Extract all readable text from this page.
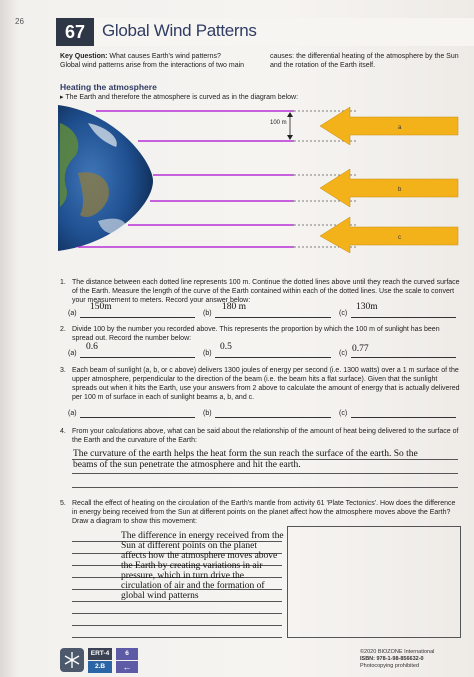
26
67 Global Wind Patterns
Key Question: What causes Earth's wind patterns?
Global wind patterns arise from the interactions of two main
causes: the differential heating of the atmosphere by the Sun
and the rotation of the Earth itself.
Heating the atmosphere
▸ The Earth and therefore the atmosphere is curved as in the diagram below:
100 m
a
b
c
1. The distance between each dotted line represents 100 m. Continue the dotted lines above until they reach the curved surface of the Earth. Measure the length of the curve of the Earth contained within each of the dotted lines. Use the scale to convert your measurement to meters. Record your answer below:
(a)
150m
(b)
180 m
(c)
130m
2. Divide 100 by the number you recorded above. This represents the proportion by which the 100 m of sunlight has been spread out. Record the number below:
(a)
0.6
(b)
0.5
(c) 0.77
3. Each beam of sunlight (a, b, or c above) delivers 1300 joules of energy per second (i.e. 1300 watts) over a 1 m surface of the upper atmosphere, perpendicular to the direction of the beam (i.e. the beam hits a flat surface). Given that the sunlight spreads out when it hits the Earth, use your answers from 2 above to calculate the amount of energy that is actually delivered per 100 m of surface in each of sunlight beams a, b, and c.
(a)	(b)	(c)
4. From your calculations above, what can be said about the relationship of the amount of heat being delivered to the surface of the Earth and the curvature of the Earth:
The curvature of the earth helps the heat form the sun reach the surface of the earth. So the
beams of the sun penetrate the atmosphere and hit the earth.
5. Recall the effect of heating on the circulation of the Earth's mantle from activity 61 'Plate Tectonics'. How does the difference in energy being received from the Sun at different points on the planet affect how the atmosphere moves above the Earth? Draw a diagram to show this movement:
The difference in energy received from the
Sun at different points on the planet
affects how the atmosphere moves above
the Earth by creating variations in air
pressure, which in turn drive the
circulation of air and the formation of
global wind patterns
ERT-4
2.B
6
←
©2020 BIOZONE International
ISBN: 978-1-98-856632-0
Photocopying prohibited
